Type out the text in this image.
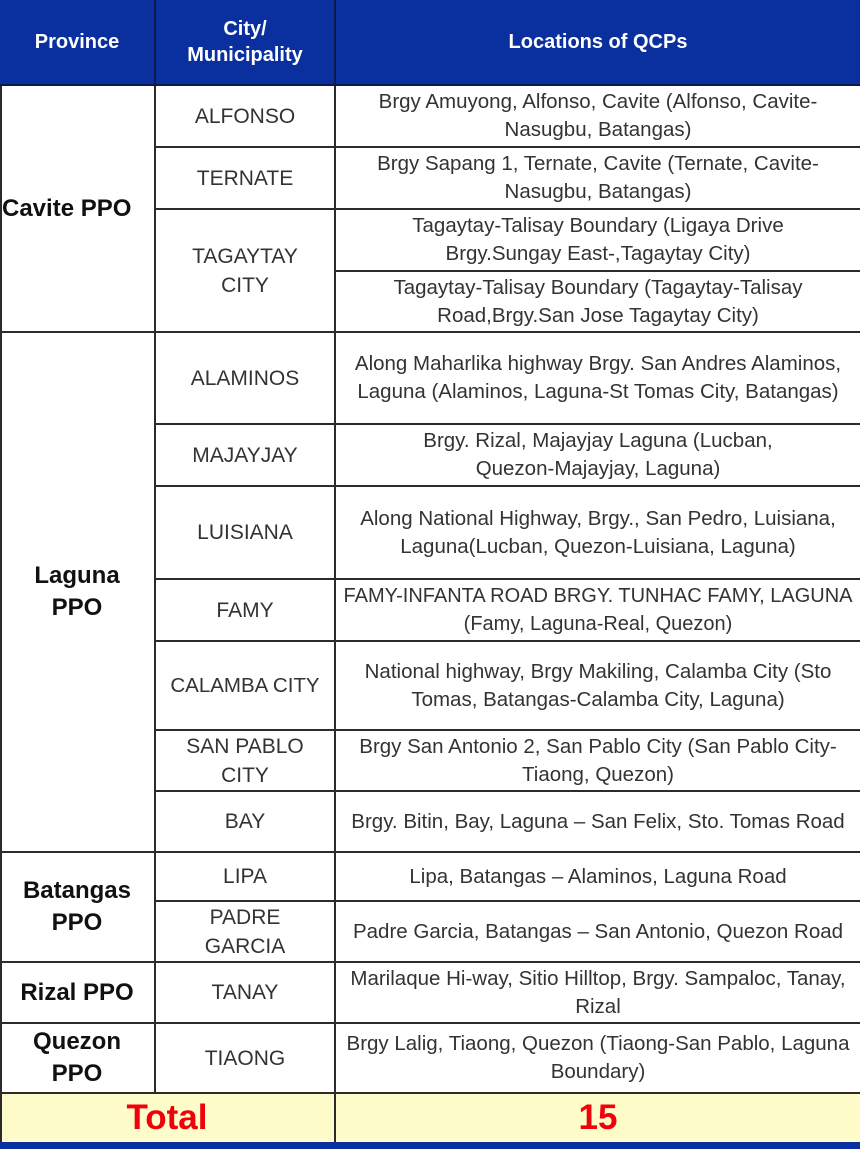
Province
City/ Municipality
Locations of QCPs
Cavite PPO
Laguna PPO
Batangas PPO
Rizal PPO
Quezon PPO
ALFONSO
TERNATE
TAGAYTAY CITY
ALAMINOS
MAJAYJAY
LUISIANA
FAMY
CALAMBA CITY
SAN PABLO CITY
BAY
LIPA
PADRE GARCIA
TANAY
TIAONG
Brgy Amuyong, Alfonso, Cavite (Alfonso, Cavite-Nasugbu, Batangas)
Brgy Sapang 1, Ternate, Cavite (Ternate, Cavite-Nasugbu, Batangas)
Tagaytay-Talisay Boundary (Ligaya Drive Brgy.Sungay East-,Tagaytay City)
Tagaytay-Talisay Boundary (Tagaytay-Talisay Road,Brgy.San Jose Tagaytay City)
Along Maharlika highway Brgy. San Andres Alaminos, Laguna (Alaminos, Laguna-St Tomas City, Batangas)
Brgy. Rizal, Majayjay Laguna (Lucban, Quezon-Majayjay, Laguna)
Along National Highway, Brgy., San Pedro, Luisiana, Laguna(Lucban, Quezon-Luisiana, Laguna)
FAMY-INFANTA ROAD BRGY. TUNHAC FAMY, LAGUNA (Famy, Laguna-Real, Quezon)
National highway, Brgy Makiling, Calamba City (Sto Tomas, Batangas-Calamba City, Laguna)
Brgy San Antonio 2, San Pablo City (San Pablo City-Tiaong, Quezon)
Brgy. Bitin, Bay, Laguna – San Felix, Sto. Tomas Road
Lipa, Batangas – Alaminos, Laguna Road
Padre Garcia, Batangas – San Antonio, Quezon Road
Marilaque Hi-way, Sitio Hilltop, Brgy. Sampaloc, Tanay, Rizal
Brgy Lalig, Tiaong, Quezon (Tiaong-San Pablo, Laguna Boundary)
Total	15
